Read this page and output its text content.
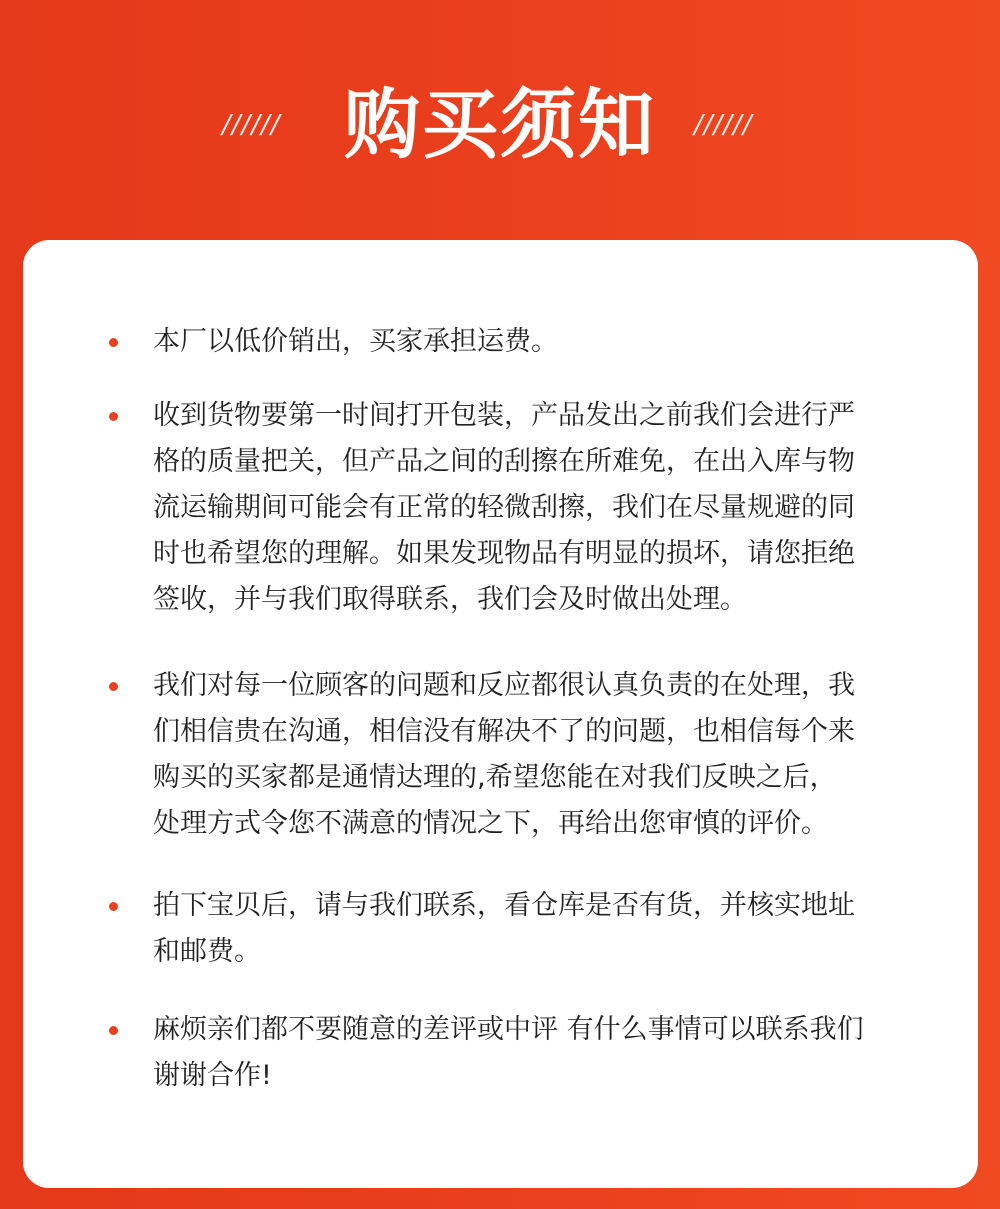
////// 购买须知	//////
本厂以低价销出，买家承担运费。
收到货物要第一时间打开包装，产品发出之前我们会进行严
格的质量把关，但产品之间的刮擦在所难免，在出入库与物
流运输期间可能会有正常的轻微刮擦，我们在尽量规避的同
时也希望您的理解。如果发现物品有明显的损坏，请您拒绝
签收，并与我们取得联系，我们会及时做出处理。
我们对每一位顾客的问题和反应都很认真负责的在处理，我
们相信贵在沟通，相信没有解决不了的问题，也相信每个来
购买的买家都是通情达理的,希望您能在对我们反映之后，
处理方式令您不满意的情况之下，再给出您审慎的评价。
拍下宝贝后，请与我们联系，看仓库是否有货，并核实地址
和邮费。
麻烦亲们都不要随意的差评或中评 有什么事情可以联系我们
谢谢合作!
